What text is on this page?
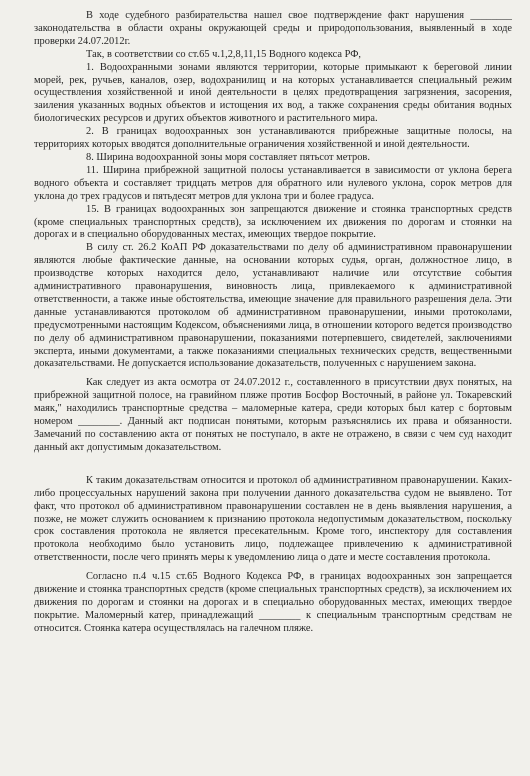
В ходе судебного разбирательства нашел свое подтверждение факт нарушения ________ законодательства в области охраны окружающей среды и природопользования, выявленный в ходе проверки 24.07.2012г.

Так, в соответствии со ст.65 ч.1,2,8,11,15 Водного кодекса РФ,

1. Водоохранными зонами являются территории, которые примыкают к береговой линии морей, рек, ручьев, каналов, озер, водохранилищ и на которых устанавливается специальный режим осуществления хозяйственной и иной деятельности в целях предотвращения загрязнения, засорения, заиления указанных водных объектов и истощения их вод, а также сохранения среды обитания водных биологических ресурсов и других объектов животного и растительного мира.

2. В границах водоохранных зон устанавливаются прибрежные защитные полосы, на территориях которых вводятся дополнительные ограничения хозяйственной и иной деятельности.

8. Ширина водоохранной зоны моря составляет пятьсот метров.

11. Ширина прибрежной защитной полосы устанавливается в зависимости от уклона берега водного объекта и составляет тридцать метров для обратного или нулевого уклона, сорок метров для уклона до трех градусов и пятьдесят метров для уклона три и более градуса.

15. В границах водоохранных зон запрещаются движение и стоянка транспортных средств (кроме специальных транспортных средств), за исключением их движения по дорогам и стоянки на дорогах и в специально оборудованных местах, имеющих твердое покрытие.

В силу ст. 26.2 КоАП РФ доказательствами по делу об административном правонарушении являются любые фактические данные, на основании которых судья, орган, должностное лицо, в производстве которых находится дело, устанавливают наличие или отсутствие события административного правонарушения, виновность лица, привлекаемого к административной ответственности, а также иные обстоятельства, имеющие значение для правильного разрешения дела. Эти данные устанавливаются протоколом об административном правонарушении, иными протоколами, предусмотренными настоящим Кодексом, объяснениями лица, в отношении которого ведется производство по делу об административном правонарушении, показаниями потерпевшего, свидетелей, заключениями эксперта, иными документами, а также показаниями специальных технических средств, вещественными доказательствами. Не допускается использование доказательств, полученных с нарушением закона.

Как следует из акта осмотра от 24.07.2012 г., составленного в присутствии двух понятых, на прибрежной защитной полосе, на гравийном пляже против Босфор Восточный, в районе ул. Токаревский маяк," находились транспортные средства – маломерные катера, среди которых был катер с бортовым номером ________. Данный акт подписан понятыми, которым разъяснялись их права и обязанности. Замечаний по составлению акта от понятых не поступало, в акте не отражено, в связи с чем суд находит данный акт допустимым доказательством.

К таким доказательствам относится и протокол об административном правонарушении. Каких-либо процессуальных нарушений закона при получении данного доказательства судом не выявлено. Тот факт, что протокол об административном правонарушении составлен не в день выявления нарушения, а позже, не может служить основанием к признанию протокола недопустимым доказательством, поскольку срок составления протокола не является пресекательным. Кроме того, инспектору для составления протокола необходимо было установить лицо, подлежащее привлечению к административной ответственности, после чего принять меры к уведомлению лица о дате и месте составления протокола.

Согласно п.4 ч.15 ст.65 Водного Кодекса РФ, в границах водоохранных зон запрещается движение и стоянка транспортных средств (кроме специальных транспортных средств), за исключением их движения по дорогам и стоянки на дорогах и в специально оборудованных местах, имеющих твердое покрытие. Маломерный катер, принадлежащий ________ к специальным транспортным средствам не относится. Стоянка катера осуществлялась на галечном пляже.
